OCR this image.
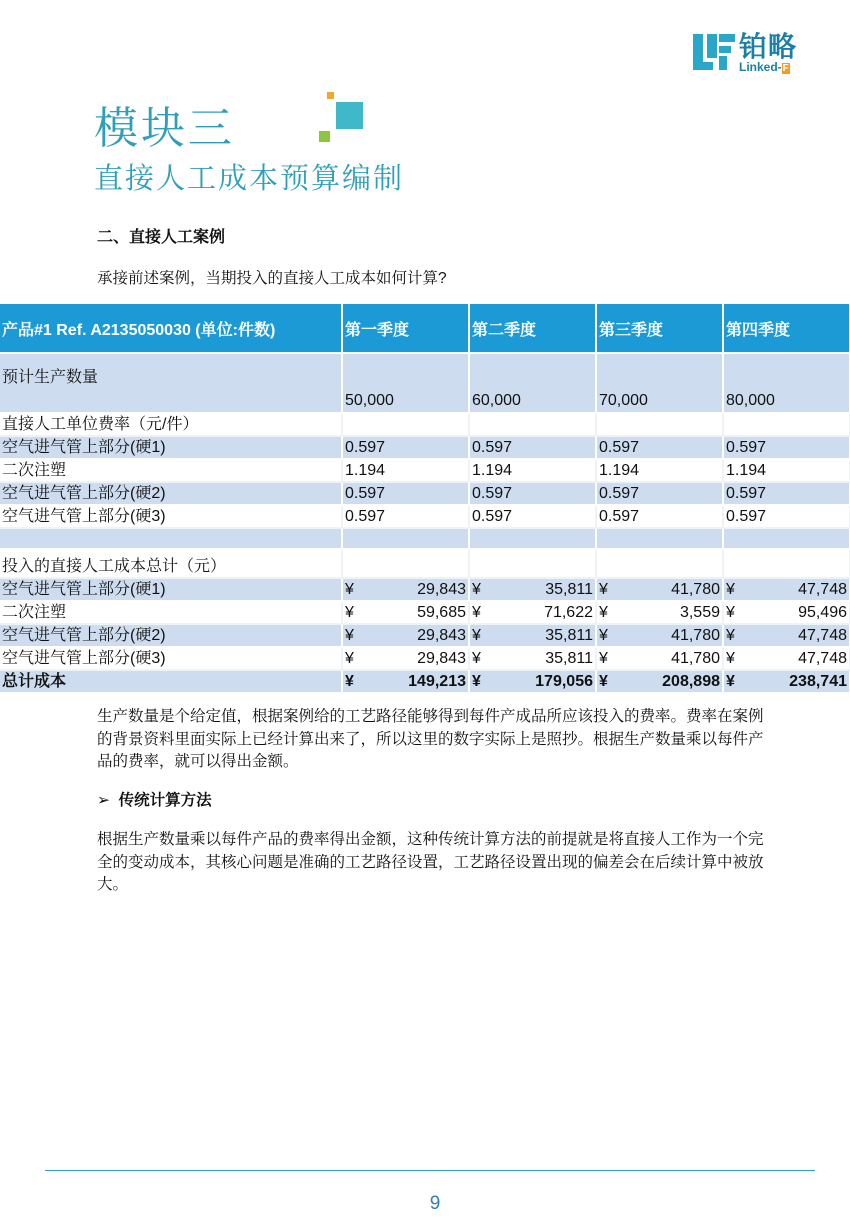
铂略
Linked-F
模块三
直接人工成本预算编制
二、直接人工案例

承接前述案例，当期投入的直接人工成本如何计算?

产品#1 Ref. A2135050030 (单位:件数)	第一季度	第二季度	第三季度	第四季度
预计生产数量	50,000	60,000	70,000	80,000
直接人工单位费率（元/件）				
空气进气管上部分(硬1)	0.597	0.597	0.597	0.597
二次注塑	1.194	1.194	1.194	1.194
空气进气管上部分(硬2)	0.597	0.597	0.597	0.597
空气进气管上部分(硬3)	0.597	0.597	0.597	0.597

投入的直接人工成本总计（元）				
空气进气管上部分(硬1)	¥ 29,843	¥ 35,811	¥ 41,780	¥ 47,748

二次注塑	¥ 59,685	¥ 71,622	¥ 3,559	¥ 95,496

空气进气管上部分(硬2)	¥ 29,843	¥ 35,811	¥ 41,780	¥ 47,748

空气进气管上部分(硬3)	¥ 29,843	¥ 35,811	¥ 41,780	¥ 47,748

总计成本	¥ 149,213	¥ 179,056	¥ 208,898	¥ 238,741

生产数量是个给定值，根据案例给的工艺路径能够得到每件产成品所应该投入的费率。费率在案例的背景资料里面实际上已经计算出来了，所以这里的数字实际上是照抄。根据生产数量乘以每件产品的费率，就可以得出金额。

➢ 传统计算方法

根据生产数量乘以每件产品的费率得出金额，这种传统计算方法的前提就是将直接人工作为一个完全的变动成本，其核心问题是准确的工艺路径设置，工艺路径设置出现的偏差会在后续计算中被放大。

9
